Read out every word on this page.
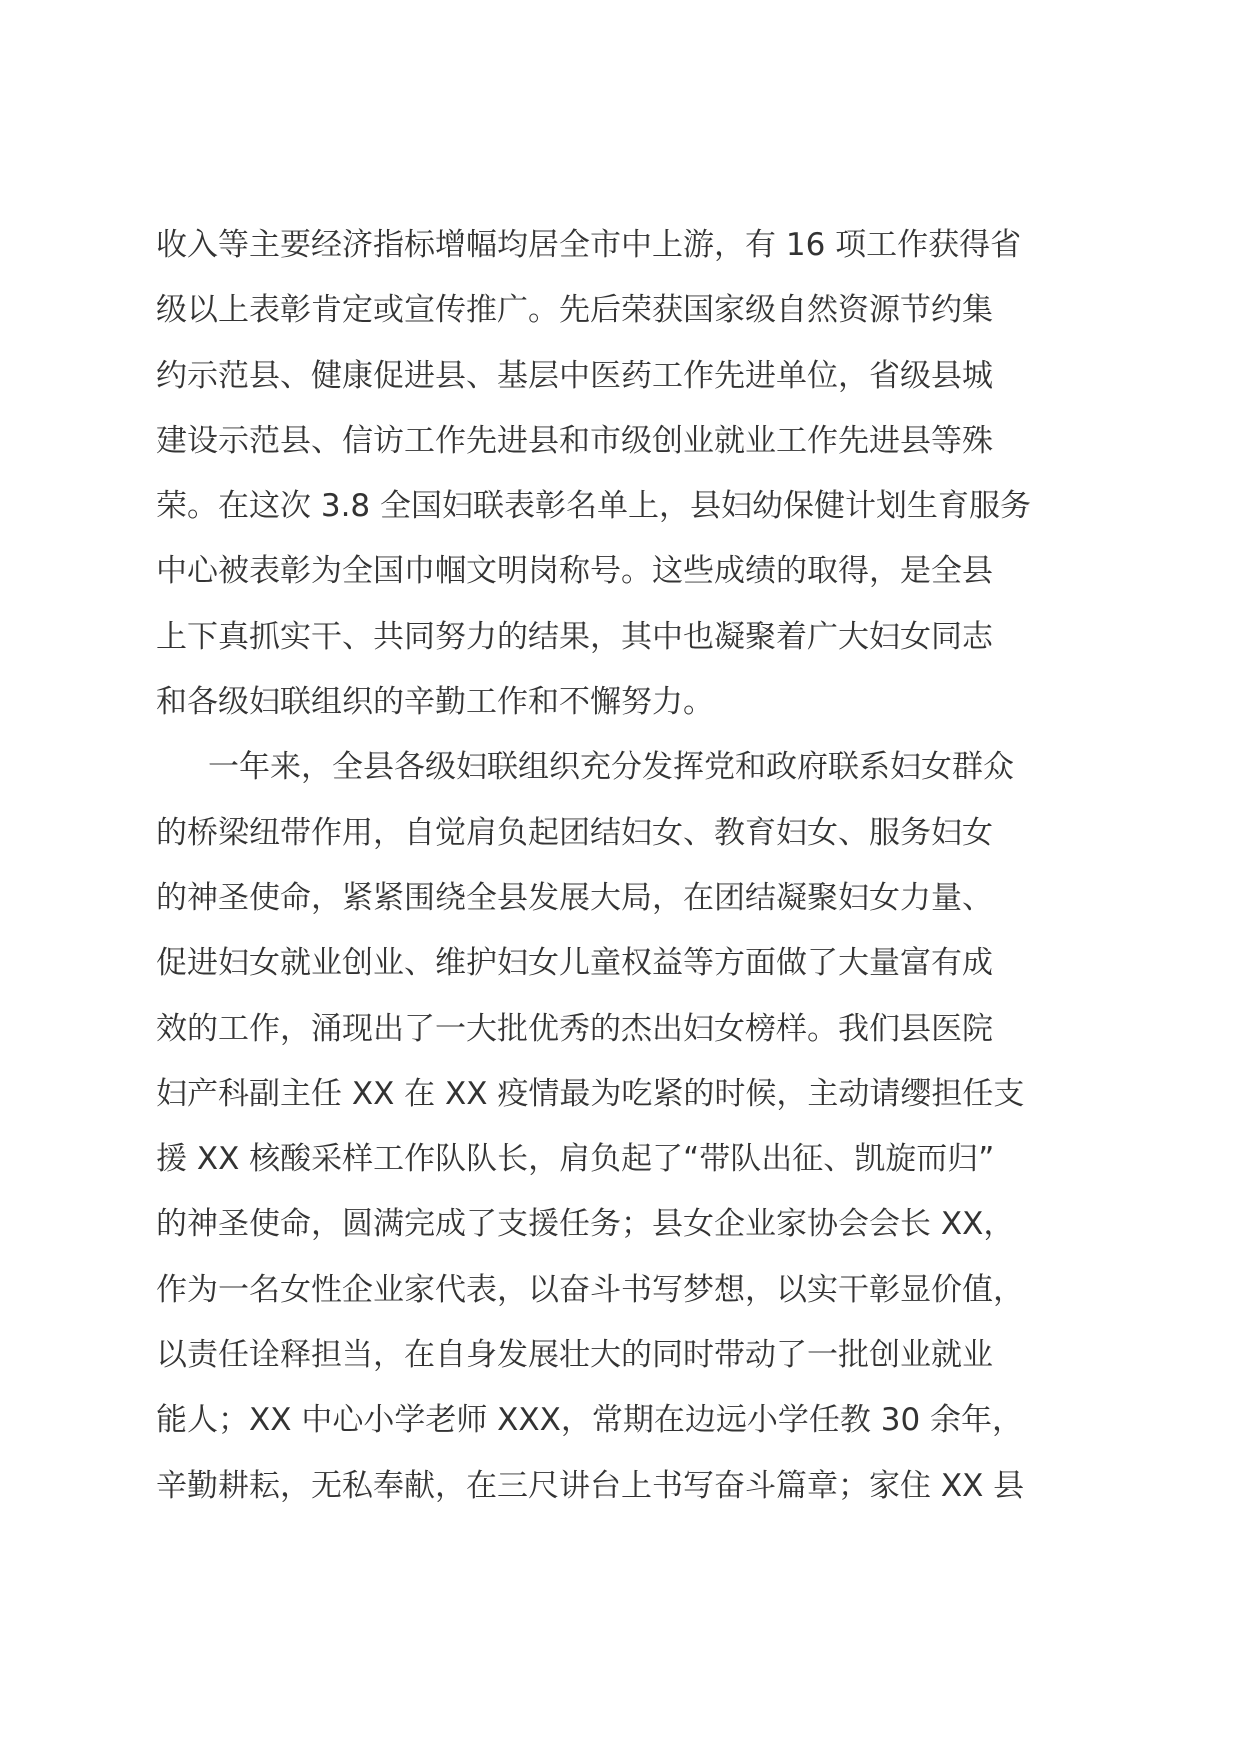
收入等主要经济指标增幅均居全市中上游，有 16 项工作获得省
级以上表彰肯定或宣传推广。先后荣获国家级自然资源节约集
约示范县、健康促进县、基层中医药工作先进单位，省级县城
建设示范县、信访工作先进县和市级创业就业工作先进县等殊
荣。在这次 3.8 全国妇联表彰名单上，县妇幼保健计划生育服务
中心被表彰为全国巾帼文明岗称号。这些成绩的取得，是全县
上下真抓实干、共同努力的结果，其中也凝聚着广大妇女同志
和各级妇联组织的辛勤工作和不懈努力。
一年来，全县各级妇联组织充分发挥党和政府联系妇女群众
的桥梁纽带作用，自觉肩负起团结妇女、教育妇女、服务妇女
的神圣使命，紧紧围绕全县发展大局，在团结凝聚妇女力量、
促进妇女就业创业、维护妇女儿童权益等方面做了大量富有成
效的工作，涌现出了一大批优秀的杰出妇女榜样。我们县医院
妇产科副主任 XX 在 XX 疫情最为吃紧的时候，主动请缨担任支
援 XX 核酸采样工作队队长，肩负起了“带队出征、凯旋而归”
的神圣使命，圆满完成了支援任务；县女企业家协会会长 XX，
作为一名女性企业家代表，以奋斗书写梦想，以实干彰显价值，
以责任诠释担当，在自身发展壮大的同时带动了一批创业就业
能人；XX 中心小学老师 XXX，常期在边远小学任教 30 余年，
辛勤耕耘，无私奉献，在三尺讲台上书写奋斗篇章；家住 XX 县
